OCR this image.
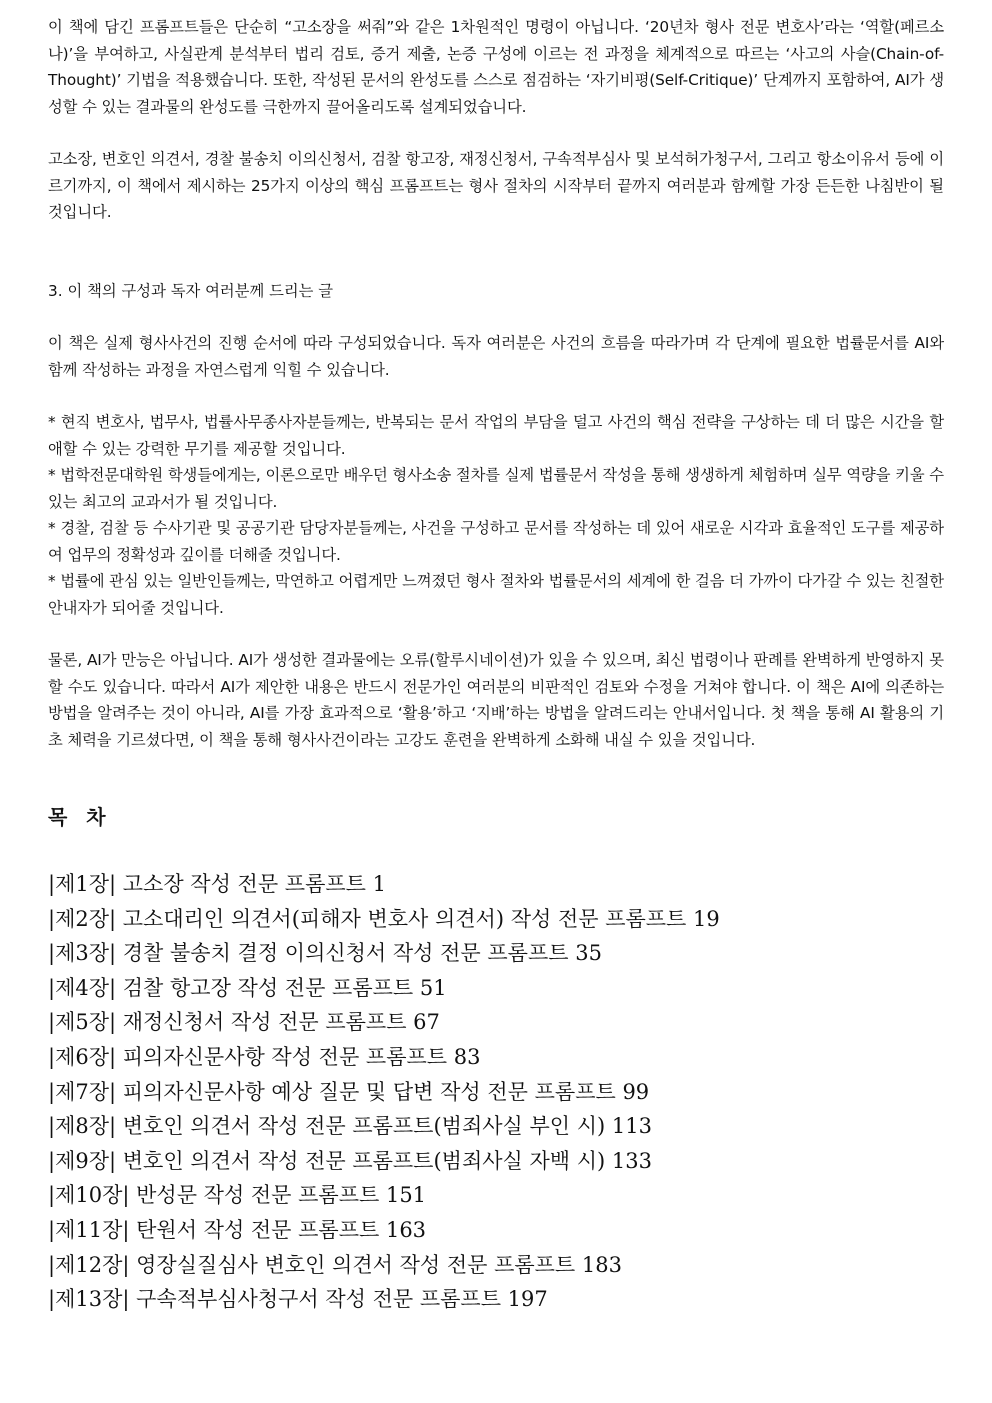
이 책에 담긴 프롬프트들은 단순히 “고소장을 써줘”와 같은 1차원적인 명령이 아닙니다. ‘20년차 형사 전문 변호사’라는 ‘역할(페르소나)’을 부여하고, 사실관계 분석부터 법리 검토, 증거 제출, 논증 구성에 이르는 전 과정을 체계적으로 따르는 ‘사고의 사슬(Chain-of-Thought)’ 기법을 적용했습니다. 또한, 작성된 문서의 완성도를 스스로 점검하는 ‘자기비평(Self-Critique)’ 단계까지 포함하여, AI가 생성할 수 있는 결과물의 완성도를 극한까지 끌어올리도록 설계되었습니다.

고소장, 변호인 의견서, 경찰 불송치 이의신청서, 검찰 항고장, 재정신청서, 구속적부심사 및 보석허가청구서, 그리고 항소이유서 등에 이르기까지, 이 책에서 제시하는 25가지 이상의 핵심 프롬프트는 형사 절차의 시작부터 끝까지 여러분과 함께할 가장 든든한 나침반이 될 것입니다.

3. 이 책의 구성과 독자 여러분께 드리는 글

이 책은 실제 형사사건의 진행 순서에 따라 구성되었습니다. 독자 여러분은 사건의 흐름을 따라가며 각 단계에 필요한 법률문서를 AI와 함께 작성하는 과정을 자연스럽게 익힐 수 있습니다.

* 현직 변호사, 법무사, 법률사무종사자분들께는, 반복되는 문서 작업의 부담을 덜고 사건의 핵심 전략을 구상하는 데 더 많은 시간을 할애할 수 있는 강력한 무기를 제공할 것입니다.

* 법학전문대학원 학생들에게는, 이론으로만 배우던 형사소송 절차를 실제 법률문서 작성을 통해 생생하게 체험하며 실무 역량을 키울 수 있는 최고의 교과서가 될 것입니다.

* 경찰, 검찰 등 수사기관 및 공공기관 담당자분들께는, 사건을 구성하고 문서를 작성하는 데 있어 새로운 시각과 효율적인 도구를 제공하여 업무의 정확성과 깊이를 더해줄 것입니다.

* 법률에 관심 있는 일반인들께는, 막연하고 어렵게만 느껴졌던 형사 절차와 법률문서의 세계에 한 걸음 더 가까이 다가갈 수 있는 친절한 안내자가 되어줄 것입니다.

물론, AI가 만능은 아닙니다. AI가 생성한 결과물에는 오류(할루시네이션)가 있을 수 있으며, 최신 법령이나 판례를 완벽하게 반영하지 못할 수도 있습니다. 따라서 AI가 제안한 내용은 반드시 전문가인 여러분의 비판적인 검토와 수정을 거쳐야 합니다. 이 책은 AI에 의존하는 방법을 알려주는 것이 아니라, AI를 가장 효과적으로 ‘활용’하고 ‘지배’하는 방법을 알려드리는 안내서입니다. 첫 책을 통해 AI 활용의 기초 체력을 기르셨다면, 이 책을 통해 형사사건이라는 고강도 훈련을 완벽하게 소화해 내실 수 있을 것입니다.

목 차

|제1장| 고소장 작성 전문 프롬프트 1
|제2장| 고소대리인 의견서(피해자 변호사 의견서) 작성 전문 프롬프트 19
|제3장| 경찰 불송치 결정 이의신청서 작성 전문 프롬프트 35
|제4장| 검찰 항고장 작성 전문 프롬프트 51
|제5장| 재정신청서 작성 전문 프롬프트 67
|제6장| 피의자신문사항 작성 전문 프롬프트 83
|제7장| 피의자신문사항 예상 질문 및 답변 작성 전문 프롬프트 99
|제8장| 변호인 의견서 작성 전문 프롬프트(범죄사실 부인 시) 113
|제9장| 변호인 의견서 작성 전문 프롬프트(범죄사실 자백 시) 133
|제10장| 반성문 작성 전문 프롬프트 151
|제11장| 탄원서 작성 전문 프롬프트 163
|제12장| 영장실질심사 변호인 의견서 작성 전문 프롬프트 183
|제13장| 구속적부심사청구서 작성 전문 프롬프트 197
